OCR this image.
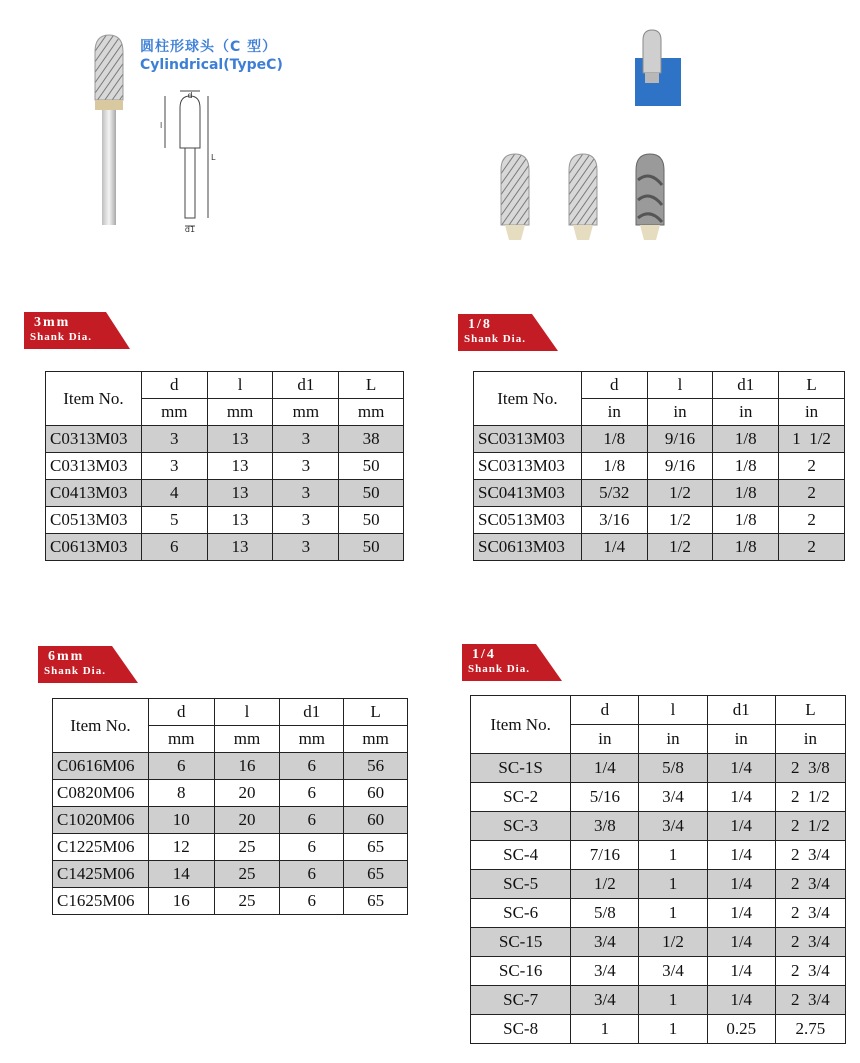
d
l
L
d1
圆柱形球头（C 型）
Cylindrical(TypeC)
3mm
Shank Dia.
1/8
Shank Dia.
6mm
Shank Dia.
1/4
Shank Dia.
Item No.	d	l	d1	L
	mm	mm	mm	mm
C0313M03	3	13	3	38
C0313M03	3	13	3	50
C0413M03	4	13	3	50
C0513M03	5	13	3	50
C0613M03	6	13	3	50
Item No.	d	l	d1	L
	in	in	in	in
SC0313M03	1/8	9/16	1/8	1  1/2
SC0313M03	1/8	9/16	1/8	2
SC0413M03	5/32	1/2	1/8	2
SC0513M03	3/16	1/2	1/8	2
SC0613M03	1/4	1/2	1/8	2
Item No.	d	l	d1	L
	mm	mm	mm	mm
C0616M06	6	16	6	56
C0820M06	8	20	6	60
C1020M06	10	20	6	60
C1225M06	12	25	6	65
C1425M06	14	25	6	65
C1625M06	16	25	6	65
Item No.	d	l	d1	L
	in	in	in	in
SC-1S	1/4	5/8	1/4	2  3/8
SC-2	5/16	3/4	1/4	2  1/2
SC-3	3/8	3/4	1/4	2  1/2
SC-4	7/16	1	1/4	2  3/4
SC-5	1/2	1	1/4	2  3/4
SC-6	5/8	1	1/4	2  3/4
SC-15	3/4	1/2	1/4	2  3/4
SC-16	3/4	3/4	1/4	2  3/4
SC-7	3/4	1	1/4	2  3/4
SC-8	1	1	0.25	2.75
